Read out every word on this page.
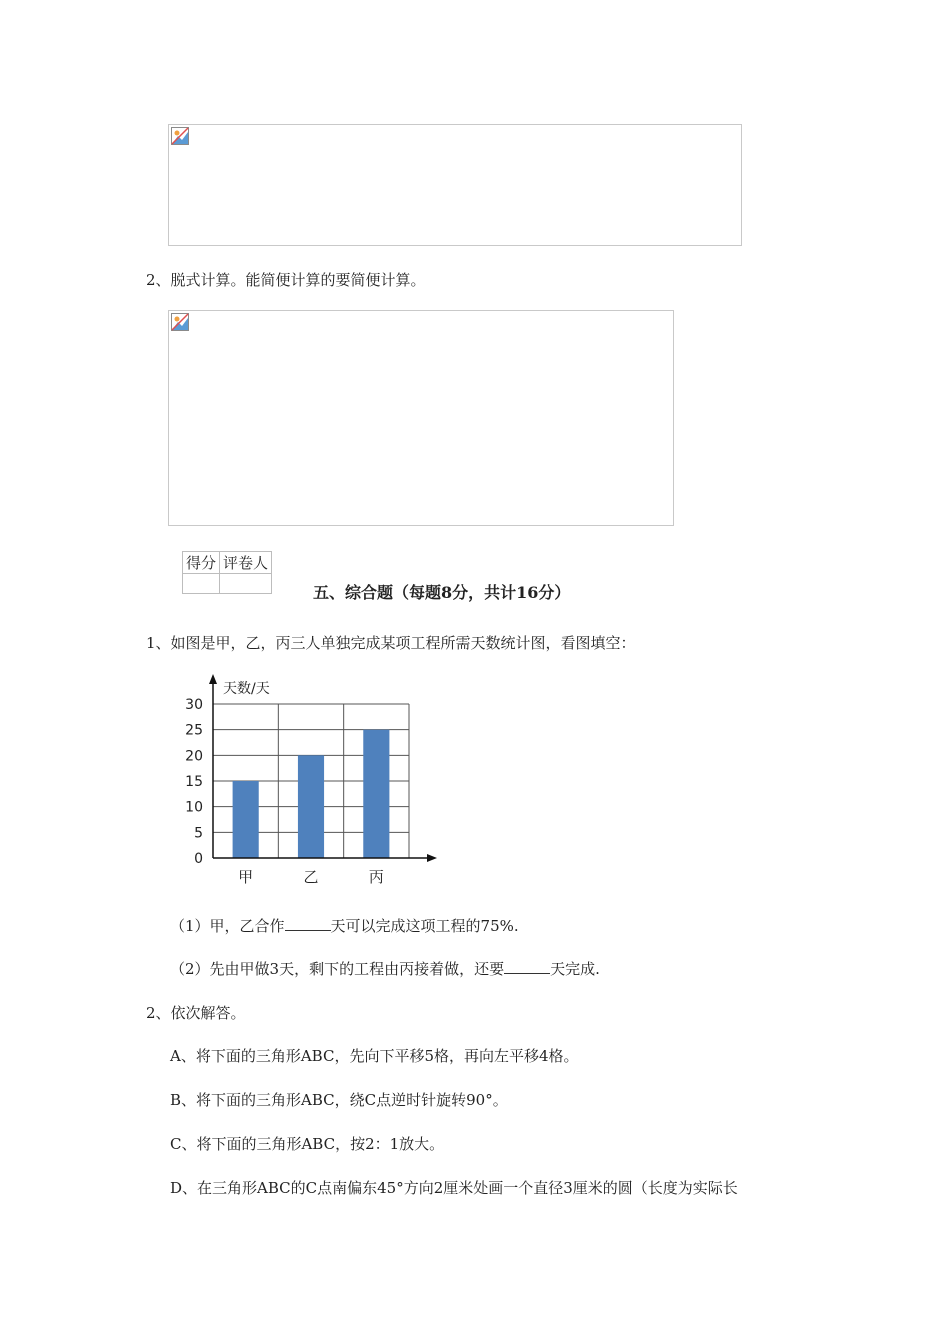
2、脱式计算。能简便计算的要简便计算。
得分	评卷人

五、综合题（每题8分，共计16分）
1、如图是甲，乙，丙三人单独完成某项工程所需天数统计图，看图填空：
0
5
10
15
20
25
30
天数/天
甲	乙	丙
（1）甲，乙合作	天可以完成这项工程的75%.
（2）先由甲做3天，剩下的工程由丙接着做，还要	天完成.
2、依次解答。
A、将下面的三角形ABC，先向下平移5格，再向左平移4格。
B、将下面的三角形ABC，绕C点逆时针旋转90°。
C、将下面的三角形ABC，按2：1放大。
D、在三角形ABC的C点南偏东45°方向2厘米处画一个直径3厘米的圆（长度为实际长
